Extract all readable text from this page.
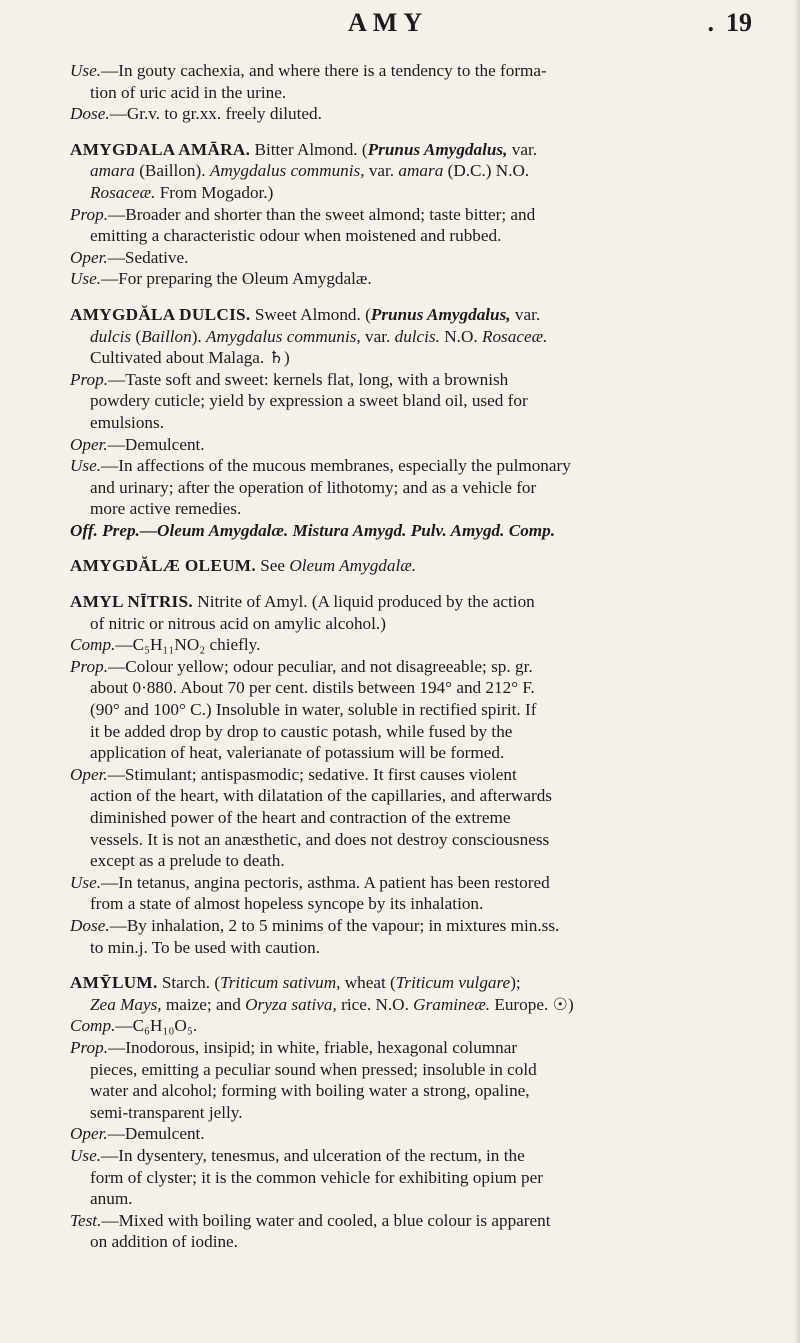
AMY	. 19
Use.—In gouty cachexia, and where there is a tendency to the forma-
tion of uric acid in the urine.
Dose.—Gr.v. to gr.xx. freely diluted.
AMYGDALA AMĀRA. Bitter Almond. (Prunus Amygdalus, var.
amara (Baillon). Amygdalus communis, var. amara (D.C.) N.O.
Rosaceæ. From Mogador.)
Prop.—Broader and shorter than the sweet almond; taste bitter; and
emitting a characteristic odour when moistened and rubbed.
Oper.—Sedative.
Use.—For preparing the Oleum Amygdalæ.
AMYGDĂLA DULCIS. Sweet Almond. (Prunus Amygdalus, var.
dulcis (Baillon). Amygdalus communis, var. dulcis. N.O. Rosaceæ.
Cultivated about Malaga. ♄)
Prop.—Taste soft and sweet: kernels flat, long, with a brownish
powdery cuticle; yield by expression a sweet bland oil, used for
emulsions.
Oper.—Demulcent.
Use.—In affections of the mucous membranes, especially the pulmonary
and urinary; after the operation of lithotomy; and as a vehicle for
more active remedies.
Off. Prep.—Oleum Amygdalæ. Mistura Amygd. Pulv. Amygd. Comp.
AMYGDĂLÆ OLEUM. See Oleum Amygdalæ.
AMYL NĪTRIS. Nitrite of Amyl. (A liquid produced by the action
of nitric or nitrous acid on amylic alcohol.)
Comp.—C₅H₁₁NO₂ chiefly.
Prop.—Colour yellow; odour peculiar, and not disagreeable; sp. gr.
about 0·880. About 70 per cent. distils between 194° and 212° F.
(90° and 100° C.) Insoluble in water, soluble in rectified spirit. If
it be added drop by drop to caustic potash, while fused by the
application of heat, valerianate of potassium will be formed.
Oper.—Stimulant; antispasmodic; sedative. It first causes violent
action of the heart, with dilatation of the capillaries, and afterwards
diminished power of the heart and contraction of the extreme
vessels. It is not an anæsthetic, and does not destroy consciousness
except as a prelude to death.
Use.—In tetanus, angina pectoris, asthma. A patient has been restored
from a state of almost hopeless syncope by its inhalation.
Dose.—By inhalation, 2 to 5 minims of the vapour; in mixtures min.ss.
to min.j. To be used with caution.
AMȲLUM. Starch. (Triticum sativum, wheat (Triticum vulgare);
Zea Mays, maize; and Oryza sativa, rice. N.O. Gramineæ. Europe. ☉)
Comp.—C₆H₁₀O₅.
Prop.—Inodorous, insipid; in white, friable, hexagonal columnar
pieces, emitting a peculiar sound when pressed; insoluble in cold
water and alcohol; forming with boiling water a strong, opaline,
semi-transparent jelly.
Oper.—Demulcent.
Use.—In dysentery, tenesmus, and ulceration of the rectum, in the
form of clyster; it is the common vehicle for exhibiting opium per
anum.
Test.—Mixed with boiling water and cooled, a blue colour is apparent
on addition of iodine.
